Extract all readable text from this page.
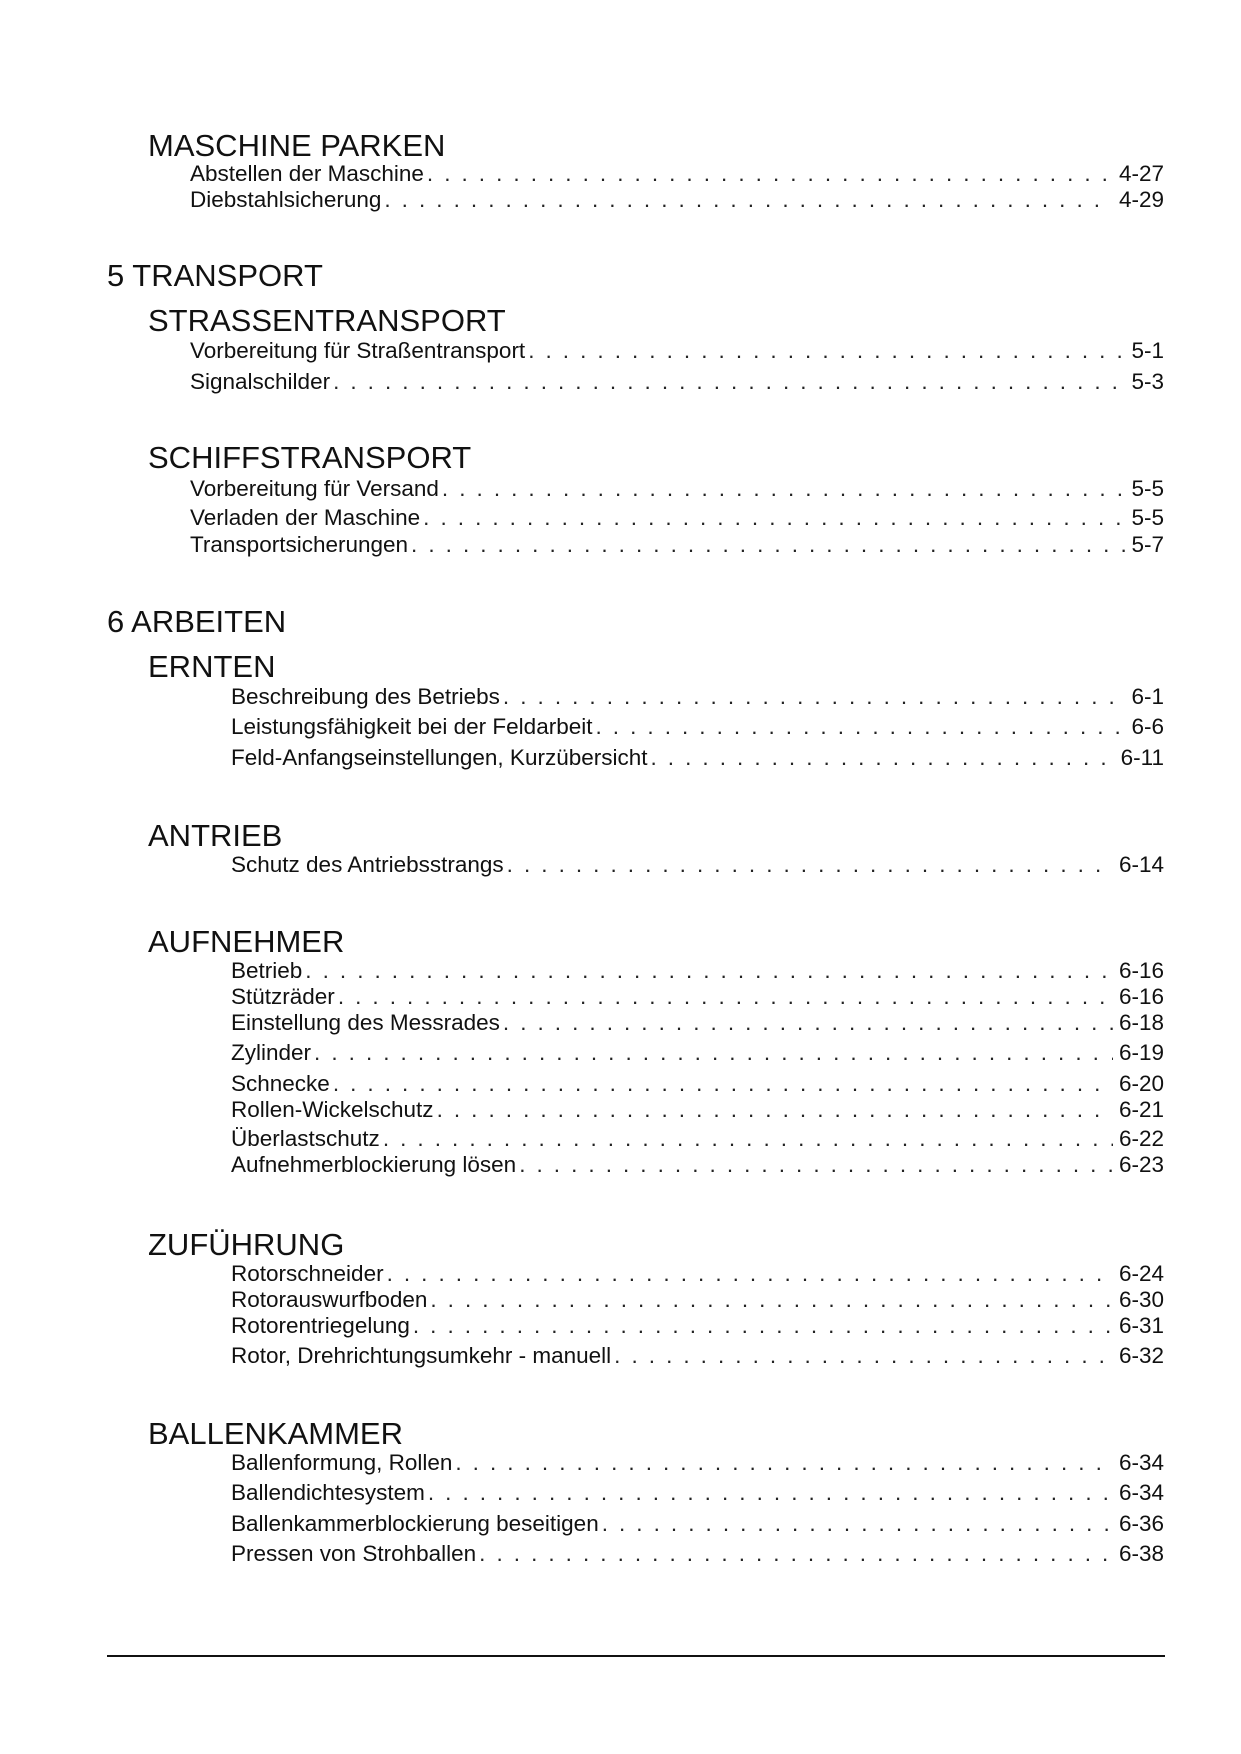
MASCHINE PARKEN
Abstellen der Maschine . . .	4-27
Diebstahlsicherung . . .	4-29
5 TRANSPORT
STRASSENTRANSPORT
Vorbereitung für Straßentransport . . .	5-1
Signalschilder . . .	5-3
SCHIFFSTRANSPORT
Vorbereitung für Versand . . .	5-5
Verladen der Maschine . . .	5-5
Transportsicherungen . . .	5-7
6 ARBEITEN
ERNTEN
Beschreibung des Betriebs . . .	6-1
Leistungsfähigkeit bei der Feldarbeit . . .	6-6
Feld-Anfangseinstellungen, Kurzübersicht . . .	6-11
ANTRIEB
Schutz des Antriebsstrangs . . .	6-14
AUFNEHMER
Betrieb . . .	6-16
Stützräder . . .	6-16
Einstellung des Messrades . . .	6-18
Zylinder . . .	6-19
Schnecke . . .	6-20
Rollen-Wickelschutz . . .	6-21
Überlastschutz . . .	6-22
Aufnehmerblockierung lösen . . .	6-23
ZUFÜHRUNG
Rotorschneider . . .	6-24
Rotorauswurfboden . . .	6-30
Rotorentriegelung . . .	6-31
Rotor, Drehrichtungsumkehr - manuell . . .	6-32
BALLENKAMMER
Ballenformung, Rollen . . .	6-34
Ballendichtesystem . . .	6-34
Ballenkammerblockierung beseitigen . . .	6-36
Pressen von Strohballen . . .	6-38
